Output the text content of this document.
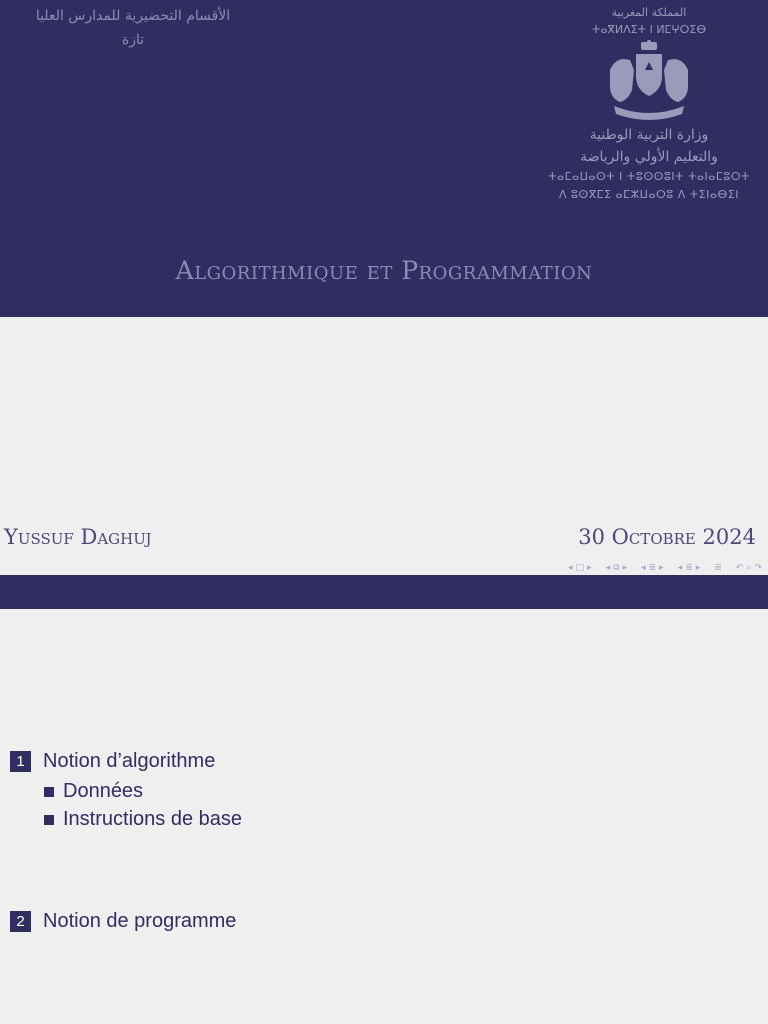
الأقسام التحضيرية للمدارس العليا
تازة
المملكة المغربية
ⵜⴰⴳⵍⴷⵉⵜ ⵏ ⵍⵎⵖⵔⵉⴱ
وزارة التربية الوطنية
والتعليم الأولي والرياضة
ⵜⴰⵎⴰⵡⴰⵙⵜ ⵏ ⵜⵓⵙⵙⵓⵏⵜ ⵜⴰⵏⴰⵎⵓⵔⵜ
ⴷ ⵓⵙⴳⵎⵉ ⴰⵎⵣⵡⴰⵔⵓ ⴷ ⵜⵉⵏⴰⴱⵉⵏ
Algorithmique et Programmation
Yussuf Daghuj	30 Octobre 2024
◂ □ ▸ ◂ ⧉ ▸ ◂ ≣ ▸ ◂ ≣ ▸ ≣ ↶ ⌕ ↷
1 Notion d’algorithme
Données
Instructions de base
2 Notion de programme
